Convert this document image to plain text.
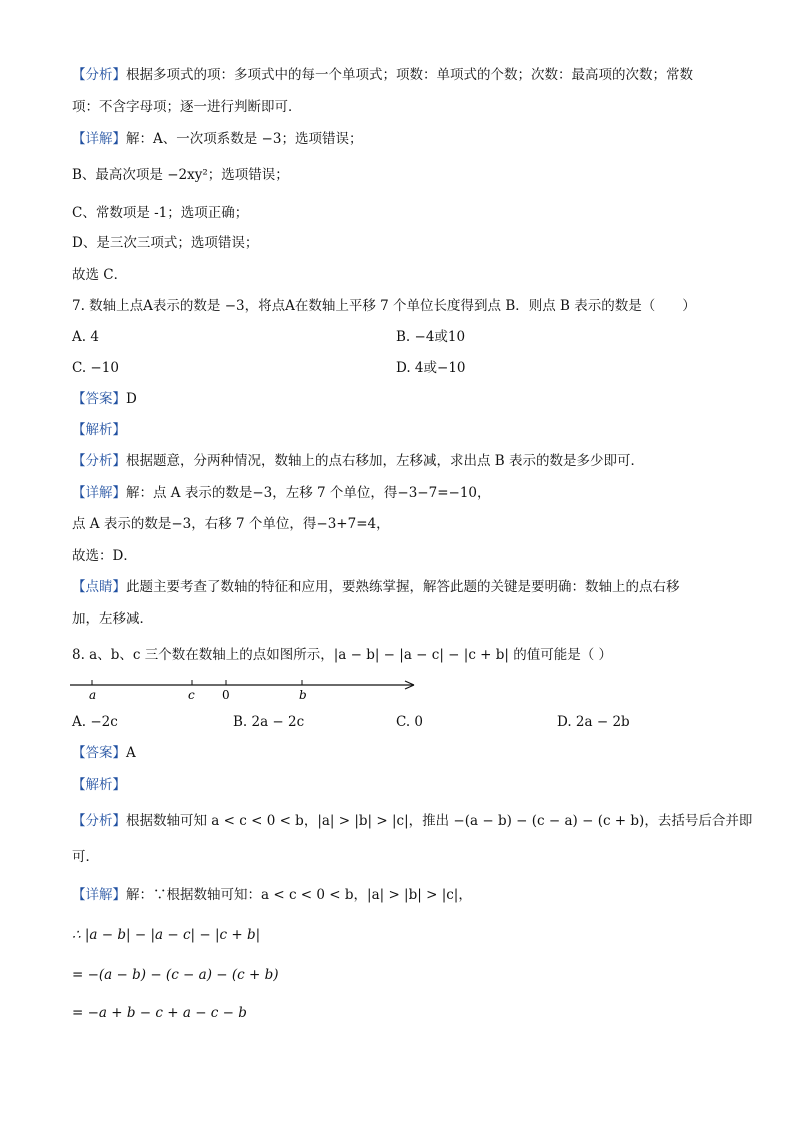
【分析】根据多项式的项：多项式中的每一个单项式；项数：单项式的个数；次数：最高项的次数；常数
项：不含字母项；逐一进行判断即可．
【详解】解：A、一次项系数是 −3；选项错误；
B、最高次项是 −2xy²；选项错误；
C、常数项是 -1；选项正确；
D、是三次三项式；选项错误；
故选 C．
7. 数轴上点A表示的数是 −3，将点A在数轴上平移 7 个单位长度得到点 B．则点 B 表示的数是（　　）
A. 4	B. −4或10
C. −10	D. 4或−10
【答案】D
【解析】
【分析】根据题意，分两种情况，数轴上的点右移加，左移减，求出点 B 表示的数是多少即可．
【详解】解：点 A 表示的数是−3，左移 7 个单位，得−3−7=−10，
点 A 表示的数是−3，右移 7 个单位，得−3+7=4，
故选：D．
【点睛】此题主要考查了数轴的特征和应用，要熟练掌握，解答此题的关键是要明确：数轴上的点右移
加，左移减．
8. a、b、c 三个数在数轴上的点如图所示，|a − b| − |a − c| − |c + b| 的值可能是（ ）
a	c 0	b
A. −2c	B. 2a − 2c	C. 0	D. 2a − 2b
【答案】A
【解析】
【分析】根据数轴可知 a < c < 0 < b，|a| > |b| > |c|，推出 −(a − b) − (c − a) − (c + b)，去括号后合并即
可．
【详解】解：∵根据数轴可知：a < c < 0 < b，|a| > |b| > |c|，
∴ |a − b| − |a − c| − |c + b|
= −(a − b) − (c − a) − (c + b)
= −a + b − c + a − c − b
